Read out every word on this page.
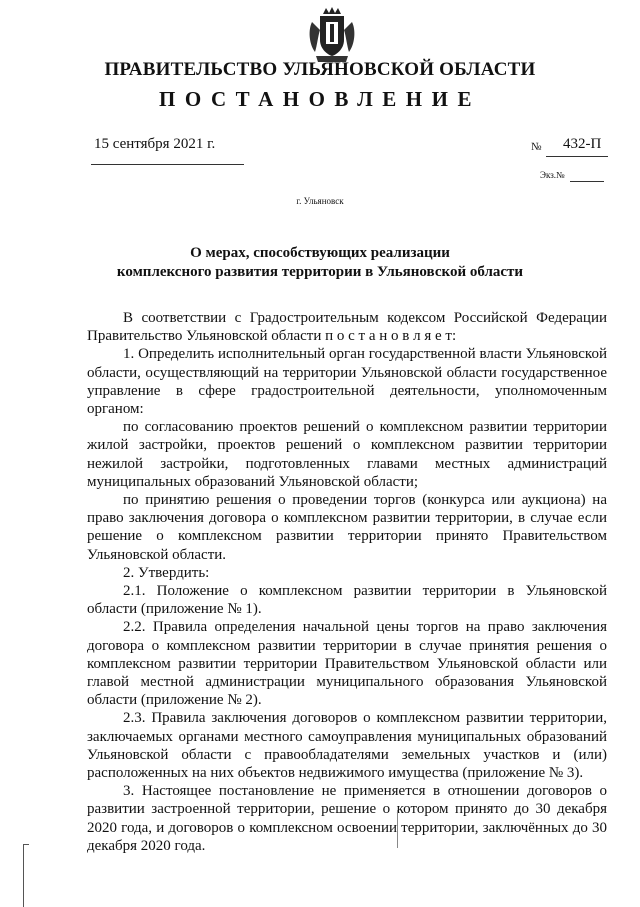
ПРАВИТЕЛЬСТВО УЛЬЯНОВСКОЙ ОБЛАСТИ
ПОСТАНОВЛЕНИЕ
15 сентября 2021 г.	№ 432-П
Экз.№
г. Ульяновск
О мерах, способствующих реализации
комплексного развития территории в Ульяновской области

В соответствии с Градостроительным кодексом Российской Федерации Правительство Ульяновской области п о с т а н о в л я е т:

1. Определить исполнительный орган государственной власти Ульяновской области, осуществляющий на территории Ульяновской области государственное управление в сфере градостроительной деятельности, уполномоченным органом:

по согласованию проектов решений о комплексном развитии территории жилой застройки, проектов решений о комплексном развитии территории нежилой застройки, подготовленных главами местных администраций муниципальных образований Ульяновской области;

по принятию решения о проведении торгов (конкурса или аукциона) на право заключения договора о комплексном развитии территории, в случае если решение о комплексном развитии территории принято Правительством Ульяновской области.

2. Утвердить:

2.1. Положение о комплексном развитии территории в Ульяновской области (приложение № 1).

2.2. Правила определения начальной цены торгов на право заключения договора о комплексном развитии территории в случае принятия решения о комплексном развитии территории Правительством Ульяновской области или главой местной администрации муниципального образования Ульяновской области (приложение № 2).

2.3. Правила заключения договоров о комплексном развитии территории, заключаемых органами местного самоуправления муниципальных образований Ульяновской области с правообладателями земельных участков и (или) расположенных на них объектов недвижимого имущества (приложение № 3).

3. Настоящее постановление не применяется в отношении договоров о развитии застроенной территории, решение о котором принято до 30 декабря 2020 года, и договоров о комплексном освоении территории, заключённых до 30 декабря 2020 года.
